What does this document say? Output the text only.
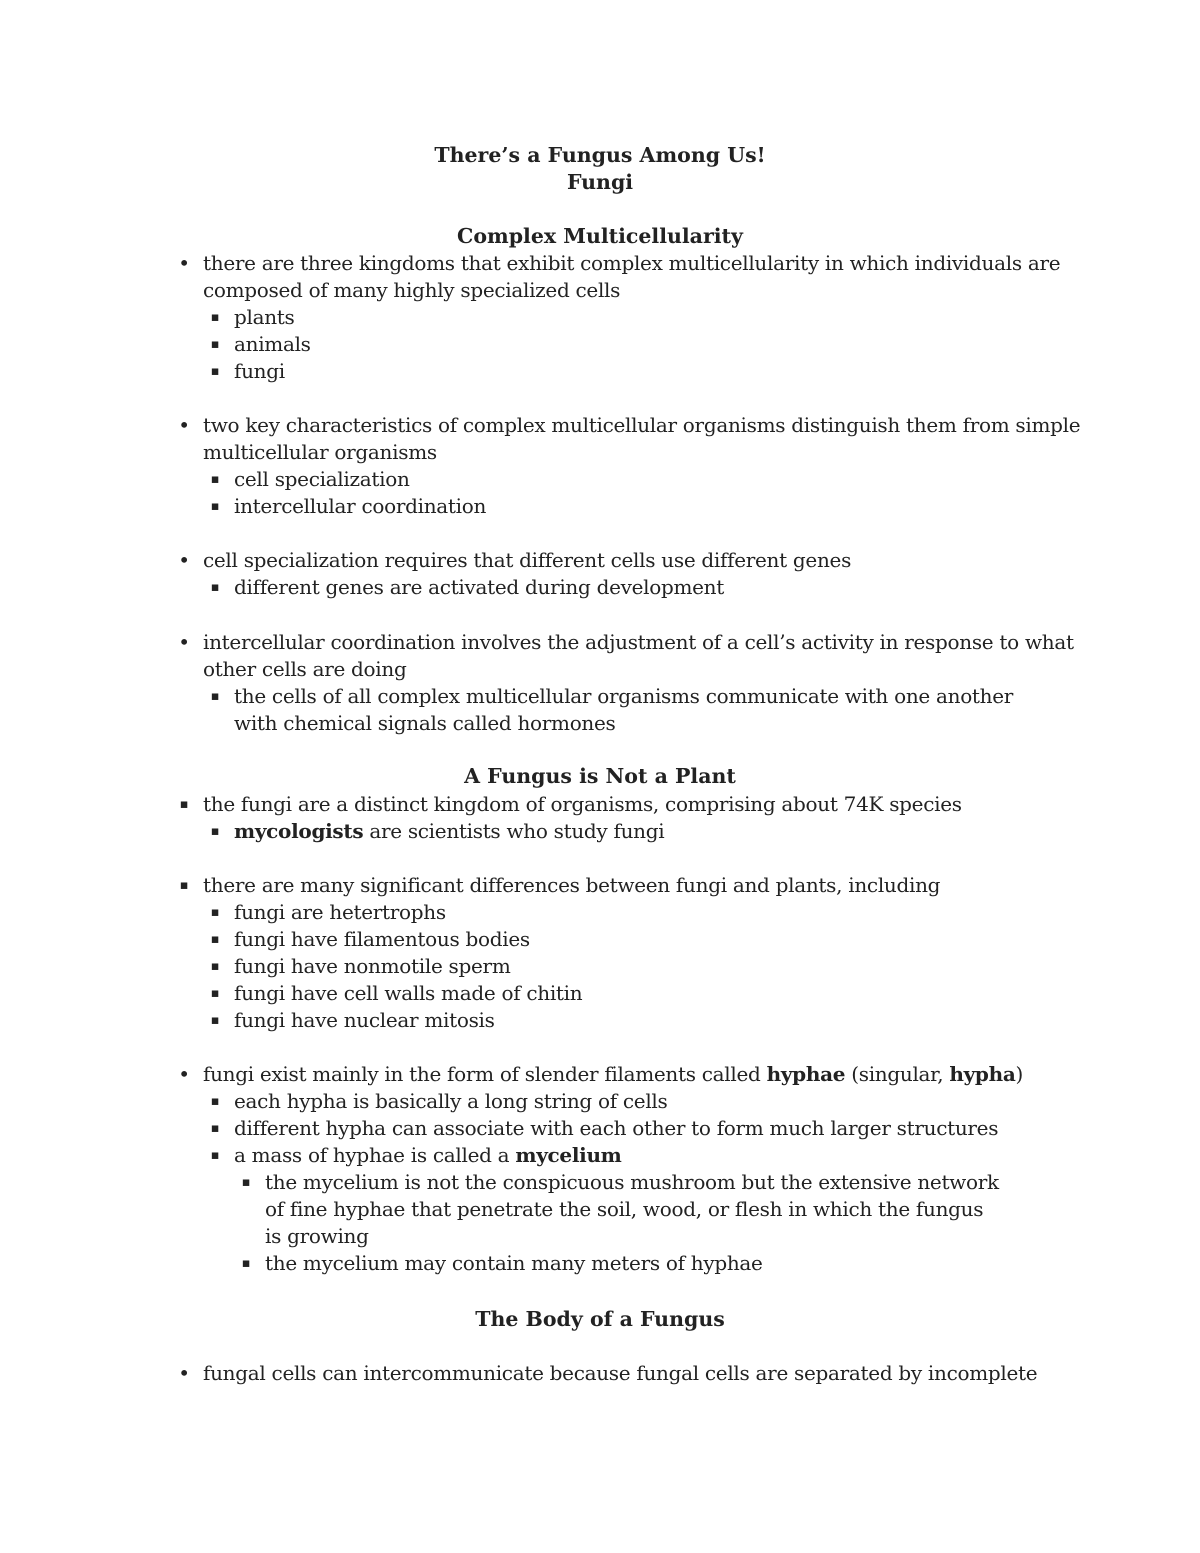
There’s a Fungus Among Us!
Fungi
Complex Multicellularity

• there are three kingdoms that exhibit complex multicellularity in which individuals are composed of many highly specialized cells

▪ plants

▪ animals

▪ fungi

• two key characteristics of complex multicellular organisms distinguish them from simple multicellular organisms

▪ cell specialization

▪ intercellular coordination

• cell specialization requires that different cells use different genes

▪ different genes are activated during development

• intercellular coordination involves the adjustment of a cell’s activity in response to what other cells are doing

▪ the cells of all complex multicellular organisms communicate with one another with chemical signals called hormones

A Fungus is Not a Plant

▪ the fungi are a distinct kingdom of organisms, comprising about 74K species

▪ mycologists are scientists who study fungi

▪ there are many significant differences between fungi and plants, including

▪ fungi are hetertrophs

▪ fungi have filamentous bodies

▪ fungi have nonmotile sperm

▪ fungi have cell walls made of chitin

▪ fungi have nuclear mitosis

• fungi exist mainly in the form of slender filaments called hyphae (singular, hypha)

▪ each hypha is basically a long string of cells

▪ different hypha can associate with each other to form much larger structures

▪ a mass of hyphae is called a mycelium

▪ the mycelium is not the conspicuous mushroom but the extensive network of fine hyphae that penetrate the soil, wood, or flesh in which the fungus is growing

▪ the mycelium may contain many meters of hyphae

The Body of a Fungus

• fungal cells can intercommunicate because fungal cells are separated by incomplete
